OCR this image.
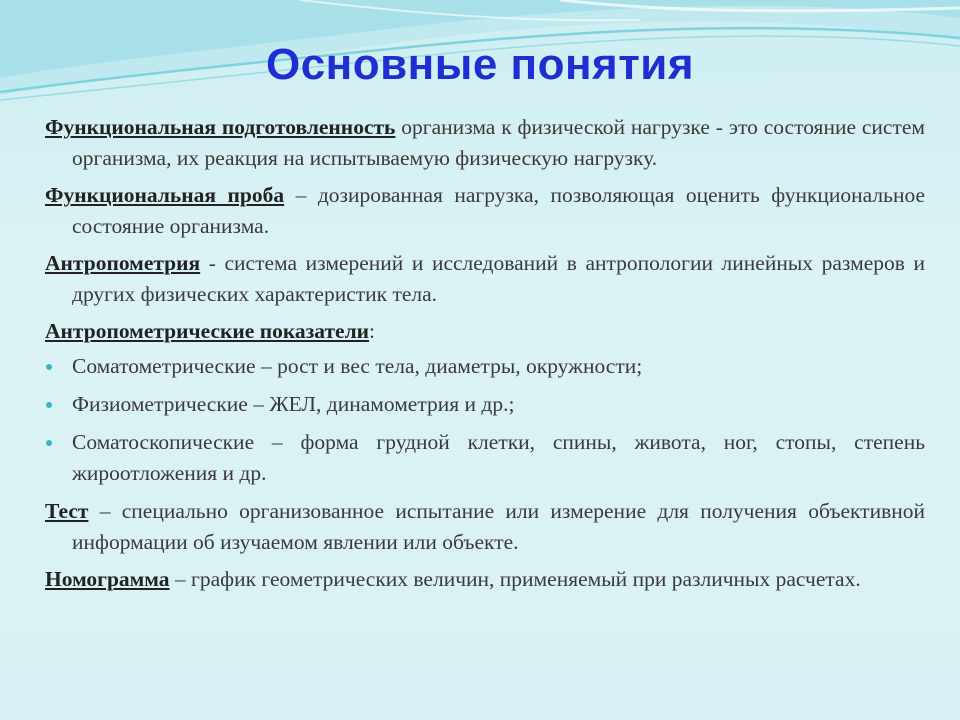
Основные понятия

Функциональная подготовленность организма к физической нагрузке - это состояние систем организма, их реакция на испытываемую физическую нагрузку.

Функциональная проба – дозированная нагрузка, позволяющая оценить функциональное состояние организма.

Антропометрия - система измерений и исследований в антропологии линейных размеров и других физических характеристик тела.

Антропометрические показатели:

Соматометрические – рост и вес тела, диаметры, окружности;
Физиометрические – ЖЕЛ, динамометрия и др.;
Соматоскопические – форма грудной клетки, спины, живота, ног, стопы, степень жироотложения и др.

Тест – специально организованное испытание или измерение для получения объективной информации об изучаемом явлении или объекте.

Номограмма – график геометрических величин, применяемый при различных расчетах.
